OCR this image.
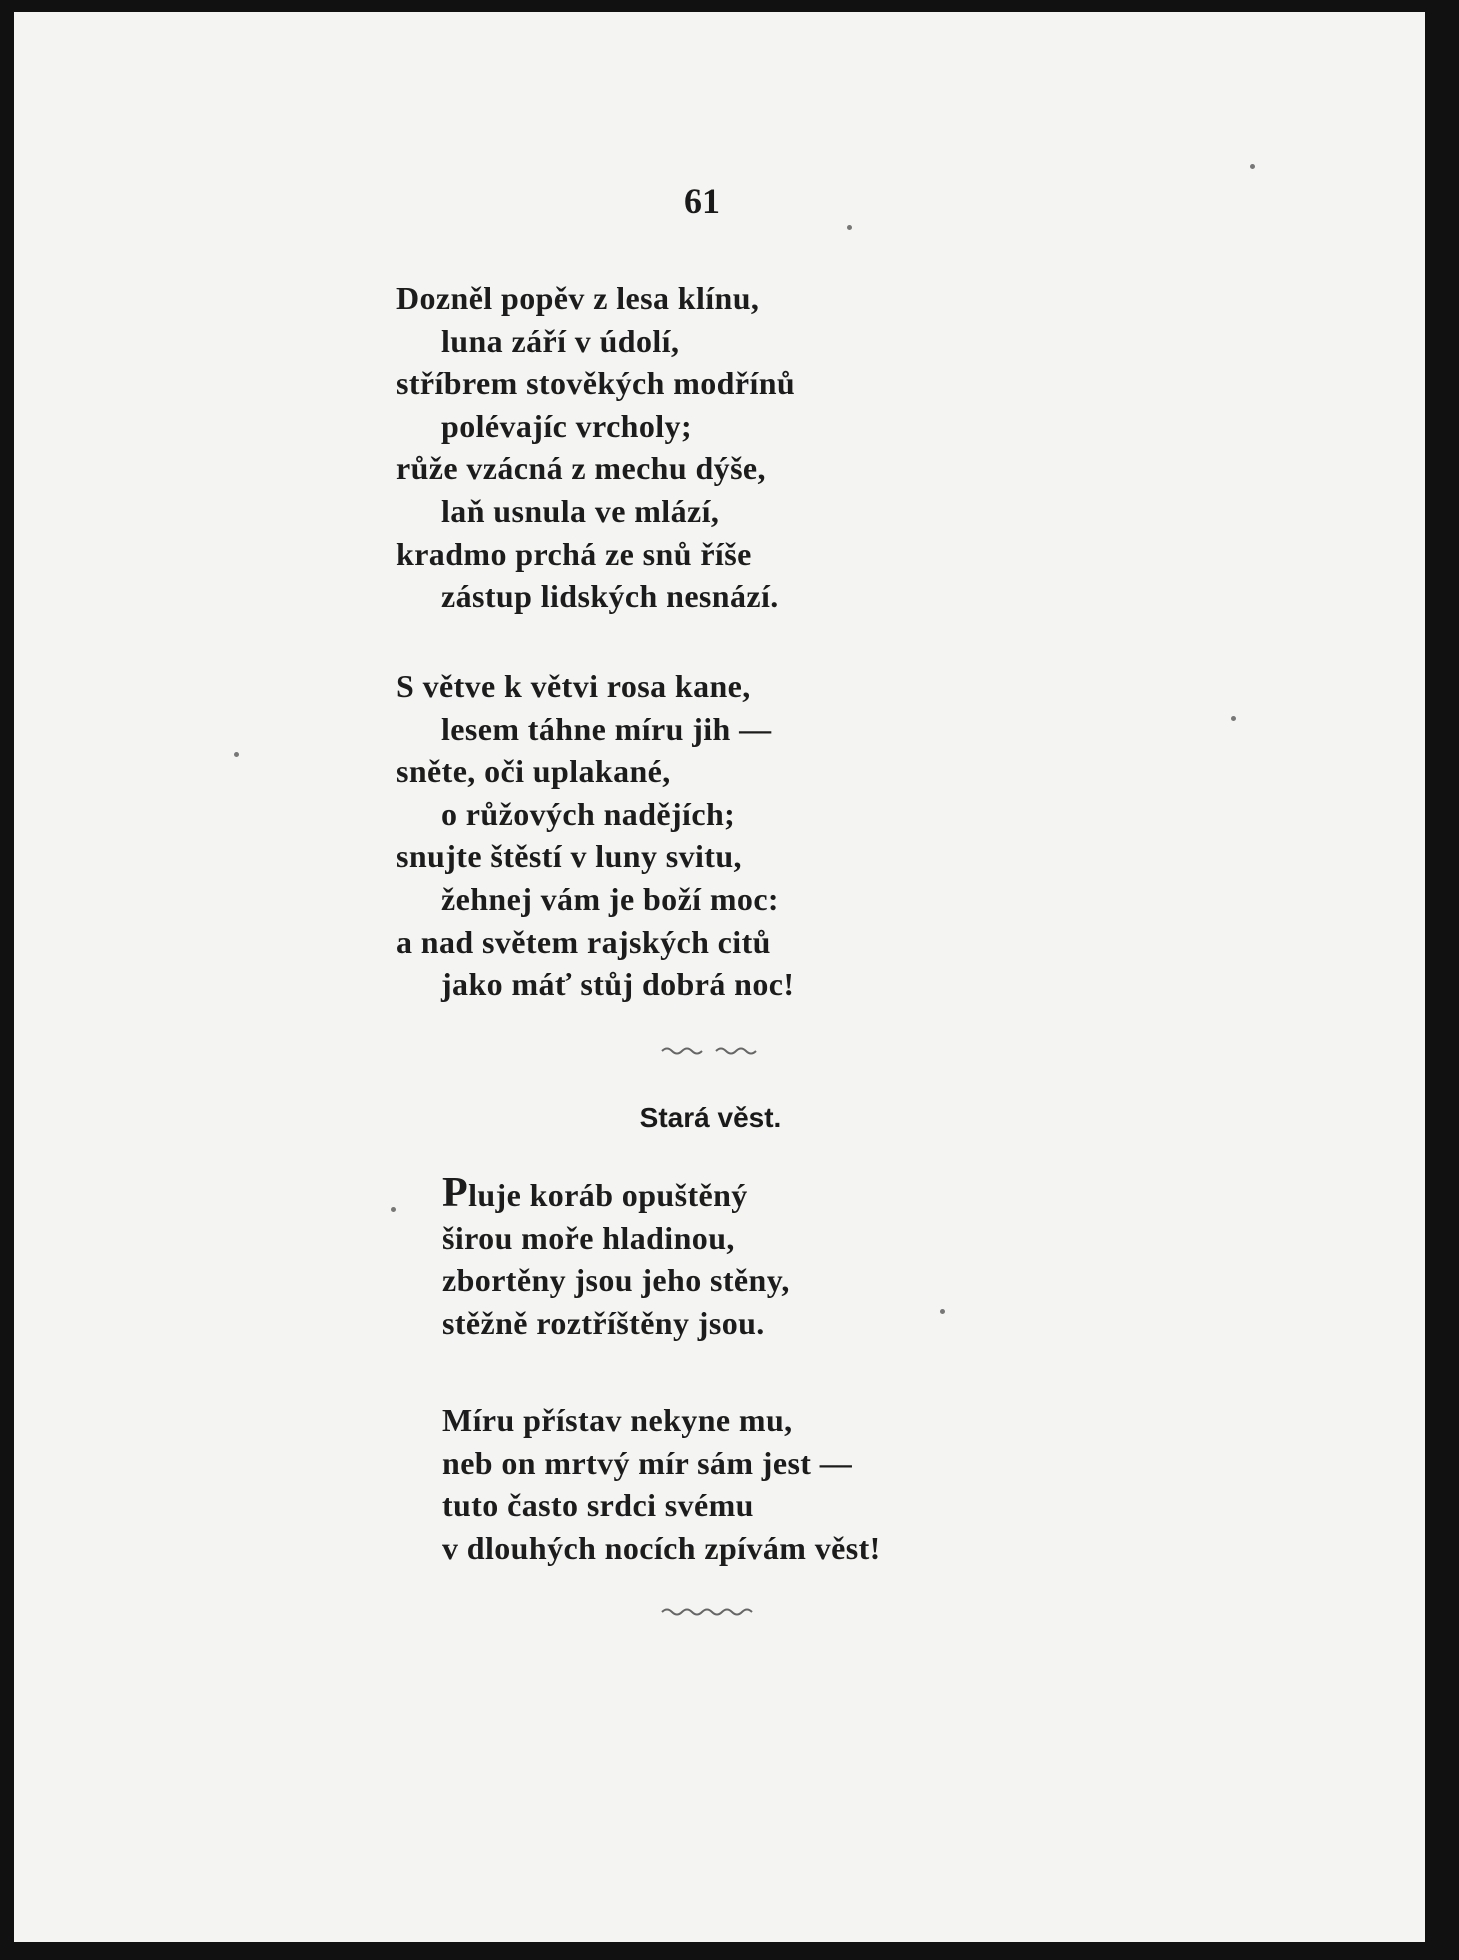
61
Dozněl popěv z lesa klínu,
luna září v údolí,
stříbrem stověkých modřínů
polévajíc vrcholy;
růže vzácná z mechu dýše,
laň usnula ve mlází,
kradmo prchá ze snů říše
zástup lidských nesnází.
S větve k větvi rosa kane,
lesem táhne míru jih —
sněte, oči uplakané,
o růžových nadějích;
snujte štěstí v luny svitu,
žehnej vám je boží moc:
a nad světem rajských citů
jako máť stůj dobrá noc!
Stará věst.
Pluje koráb opuštěný
širou moře hladinou,
zbortěny jsou jeho stěny,
stěžně roztříštěny jsou.
Míru přístav nekyne mu,
neb on mrtvý mír sám jest —
tuto často srdci svému
v dlouhých nocích zpívám věst!
